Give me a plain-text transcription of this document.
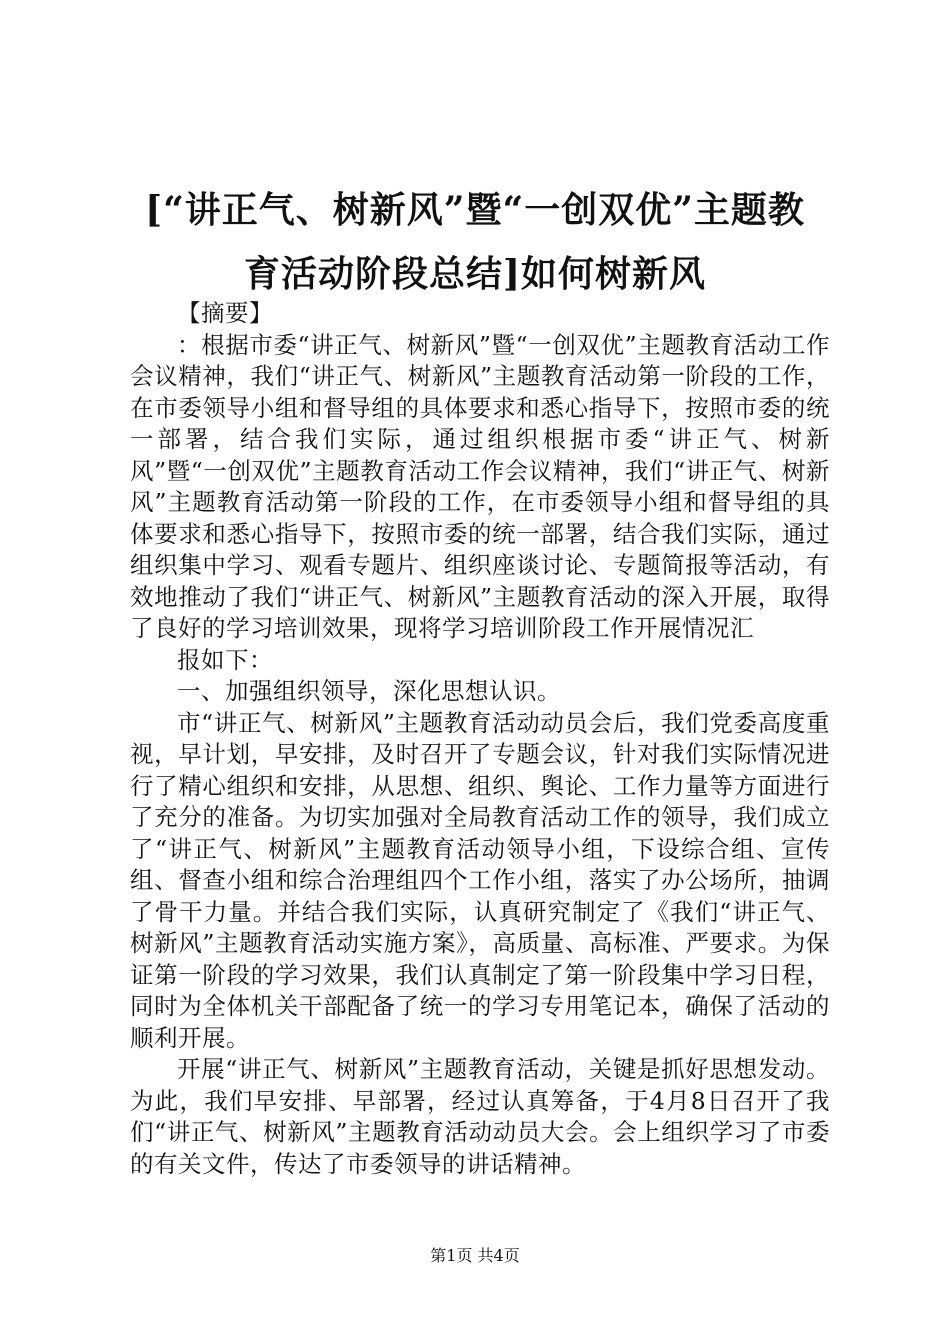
[“讲正气、树新风”暨“一创双优”主题教
育活动阶段总结]如何树新风

【摘要】

：根据市委“讲正气、树新风”暨“一创双优”主题教育活动工作会议精神，我们“讲正气、树新风”主题教育活动第一阶段的工作，在市委领导小组和督导组的具体要求和悉心指导下，按照市委的统一部署，结合我们实际，通过组织根据市委“讲正气、树新风”暨“一创双优”主题教育活动工作会议精神，我们“讲正气、树新风”主题教育活动第一阶段的工作，在市委领导小组和督导组的具体要求和悉心指导下，按照市委的统一部署，结合我们实际，通过组织集中学习、观看专题片、组织座谈讨论、专题简报等活动，有效地推动了我们“讲正气、树新风”主题教育活动的深入开展，取得了良好的学习培训效果，现将学习培训阶段工作开展情况汇

报如下：

一、加强组织领导，深化思想认识。

市“讲正气、树新风”主题教育活动动员会后，我们党委高度重视，早计划，早安排，及时召开了专题会议，针对我们实际情况进行了精心组织和安排，从思想、组织、舆论、工作力量等方面进行了充分的准备。为切实加强对全局教育活动工作的领导，我们成立了“讲正气、树新风”主题教育活动领导小组，下设综合组、宣传组、督查小组和综合治理组四个工作小组，落实了办公场所，抽调了骨干力量。并结合我们实际，认真研究制定了《我们“讲正气、树新风”主题教育活动实施方案》，高质量、高标准、严要求。为保证第一阶段的学习效果，我们认真制定了第一阶段集中学习日程，同时为全体机关干部配备了统一的学习专用笔记本，确保了活动的顺利开展。

开展“讲正气、树新风”主题教育活动，关键是抓好思想发动。为此，我们早安排、早部署，经过认真筹备，于4月8日召开了我们“讲正气、树新风”主题教育活动动员大会。会上组织学习了市委的有关文件，传达了市委领导的讲话精神。

第1页 共4页
